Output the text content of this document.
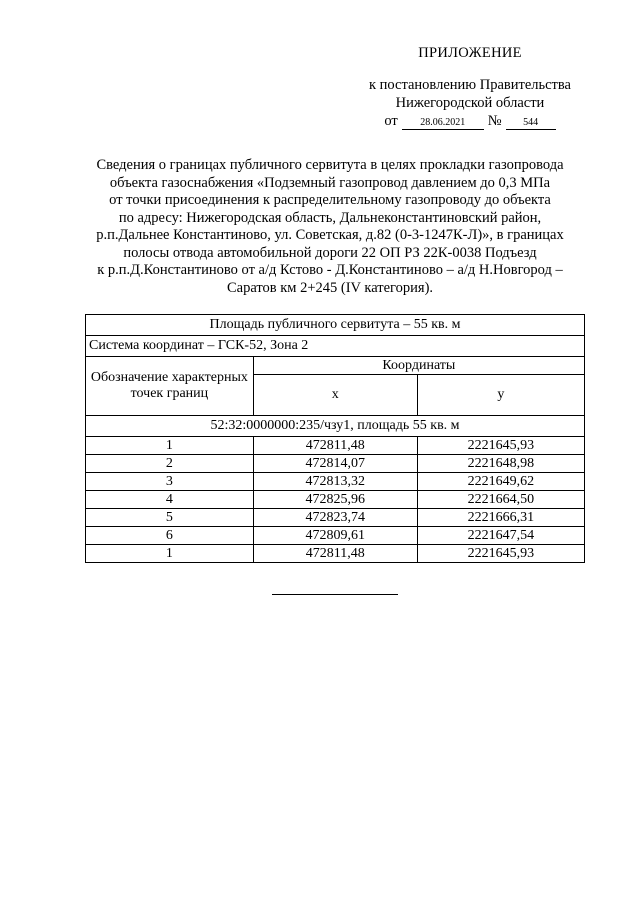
ПРИЛОЖЕНИЕ
к постановлению Правительства
Нижегородской области
от	28.06.2021	№	544
Сведения о границах публичного сервитута в целях прокладки газопровода
объекта газоснабжения «Подземный газопровод давлением до 0,3 МПа
от точки присоединения к распределительному газопроводу до объекта
по адресу: Нижегородская область, Дальнеконстантиновский район,
р.п.Дальнее Константиново, ул. Советская, д.82 (0-3-1247К-Л)», в границах
полосы отвода автомобильной дороги 22 ОП РЗ 22К-0038 Подъезд
к р.п.Д.Константиново от а/д Кстово - Д.Константиново – а/д Н.Новгород –
Саратов км 2+245 (IV категория).
Площадь публичного сервитута – 55 кв. м		
Система координат – ГСК-52, Зона 2		
Обозначение характерных точек границ	Координаты	
	x	y
52:32:0000000:235/чзу1, площадь 55 кв. м		
1	472811,48	2221645,93
2	472814,07	2221648,98
3	472813,32	2221649,62
4	472825,96	2221664,50
5	472823,74	2221666,31
6	472809,61	2221647,54
1	472811,48	2221645,93
